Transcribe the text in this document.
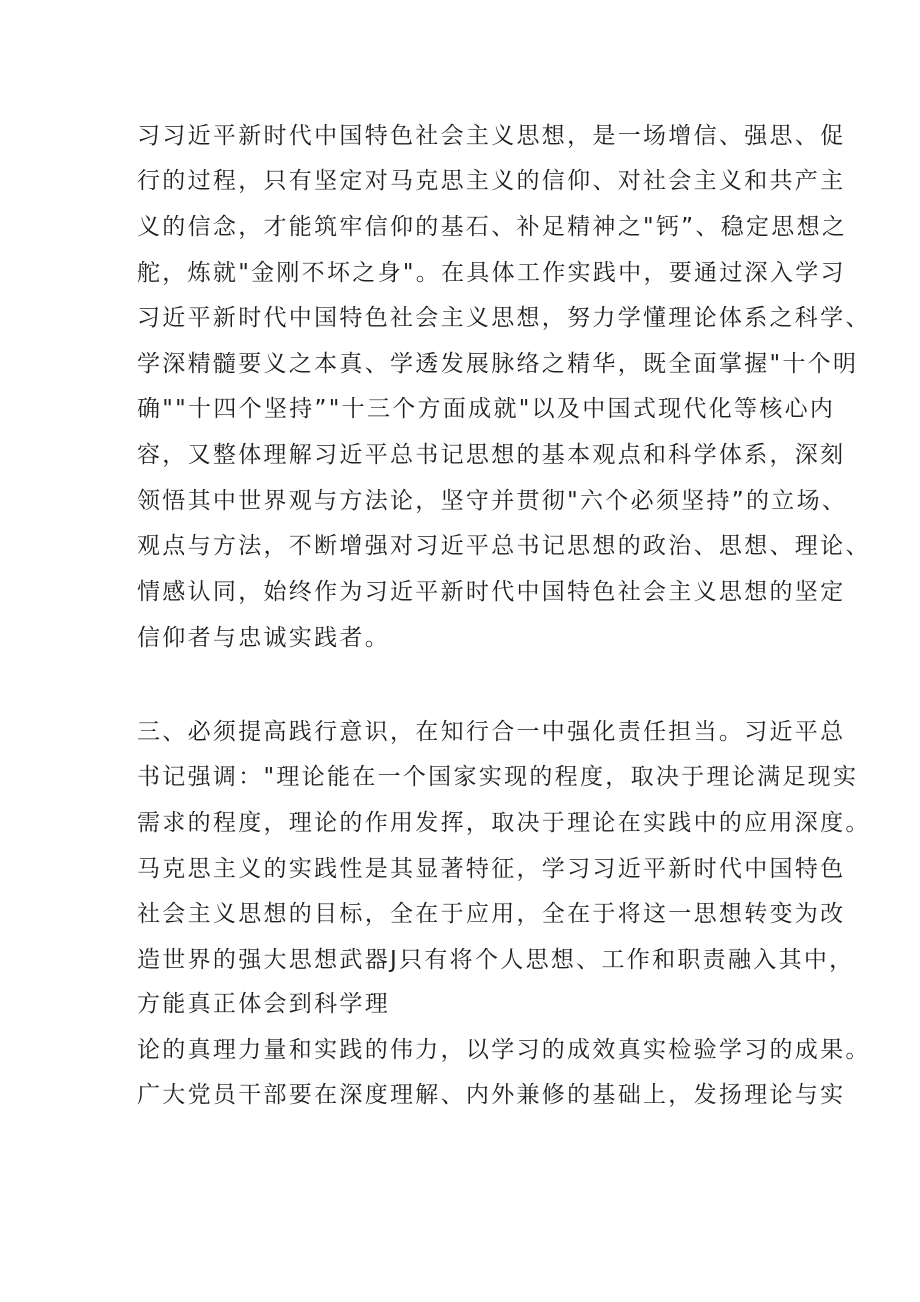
习习近平新时代中国特色社会主义思想，是一场增信、强思、促
行的过程，只有坚定对马克思主义的信仰、对社会主义和共产主
义的信念，才能筑牢信仰的基石、补足精神之"钙”、稳定思想之
舵，炼就"金刚不坏之身"。在具体工作实践中，要通过深入学习
习近平新时代中国特色社会主义思想，努力学懂理论体系之科学、
学深精髓要义之本真、学透发展脉络之精华，既全面掌握"十个明
确""十四个坚持”"十三个方面成就"以及中国式现代化等核心内
容，又整体理解习近平总书记思想的基本观点和科学体系，深刻
领悟其中世界观与方法论，坚守并贯彻"六个必须坚持”的立场、
观点与方法，不断增强对习近平总书记思想的政治、思想、理论、
情感认同，始终作为习近平新时代中国特色社会主义思想的坚定
信仰者与忠诚实践者。
三、必须提高践行意识，在知行合一中强化责任担当。习近平总
书记强调："理论能在一个国家实现的程度，取决于理论满足现实
需求的程度，理论的作用发挥，取决于理论在实践中的应用深度。
马克思主义的实践性是其显著特征，学习习近平新时代中国特色
社会主义思想的目标，全在于应用，全在于将这一思想转变为改
造世界的强大思想武器J只有将个人思想、工作和职责融入其中，
方能真正体会到科学理
论的真理力量和实践的伟力，以学习的成效真实检验学习的成果。
广大党员干部要在深度理解、内外兼修的基础上，发扬理论与实
